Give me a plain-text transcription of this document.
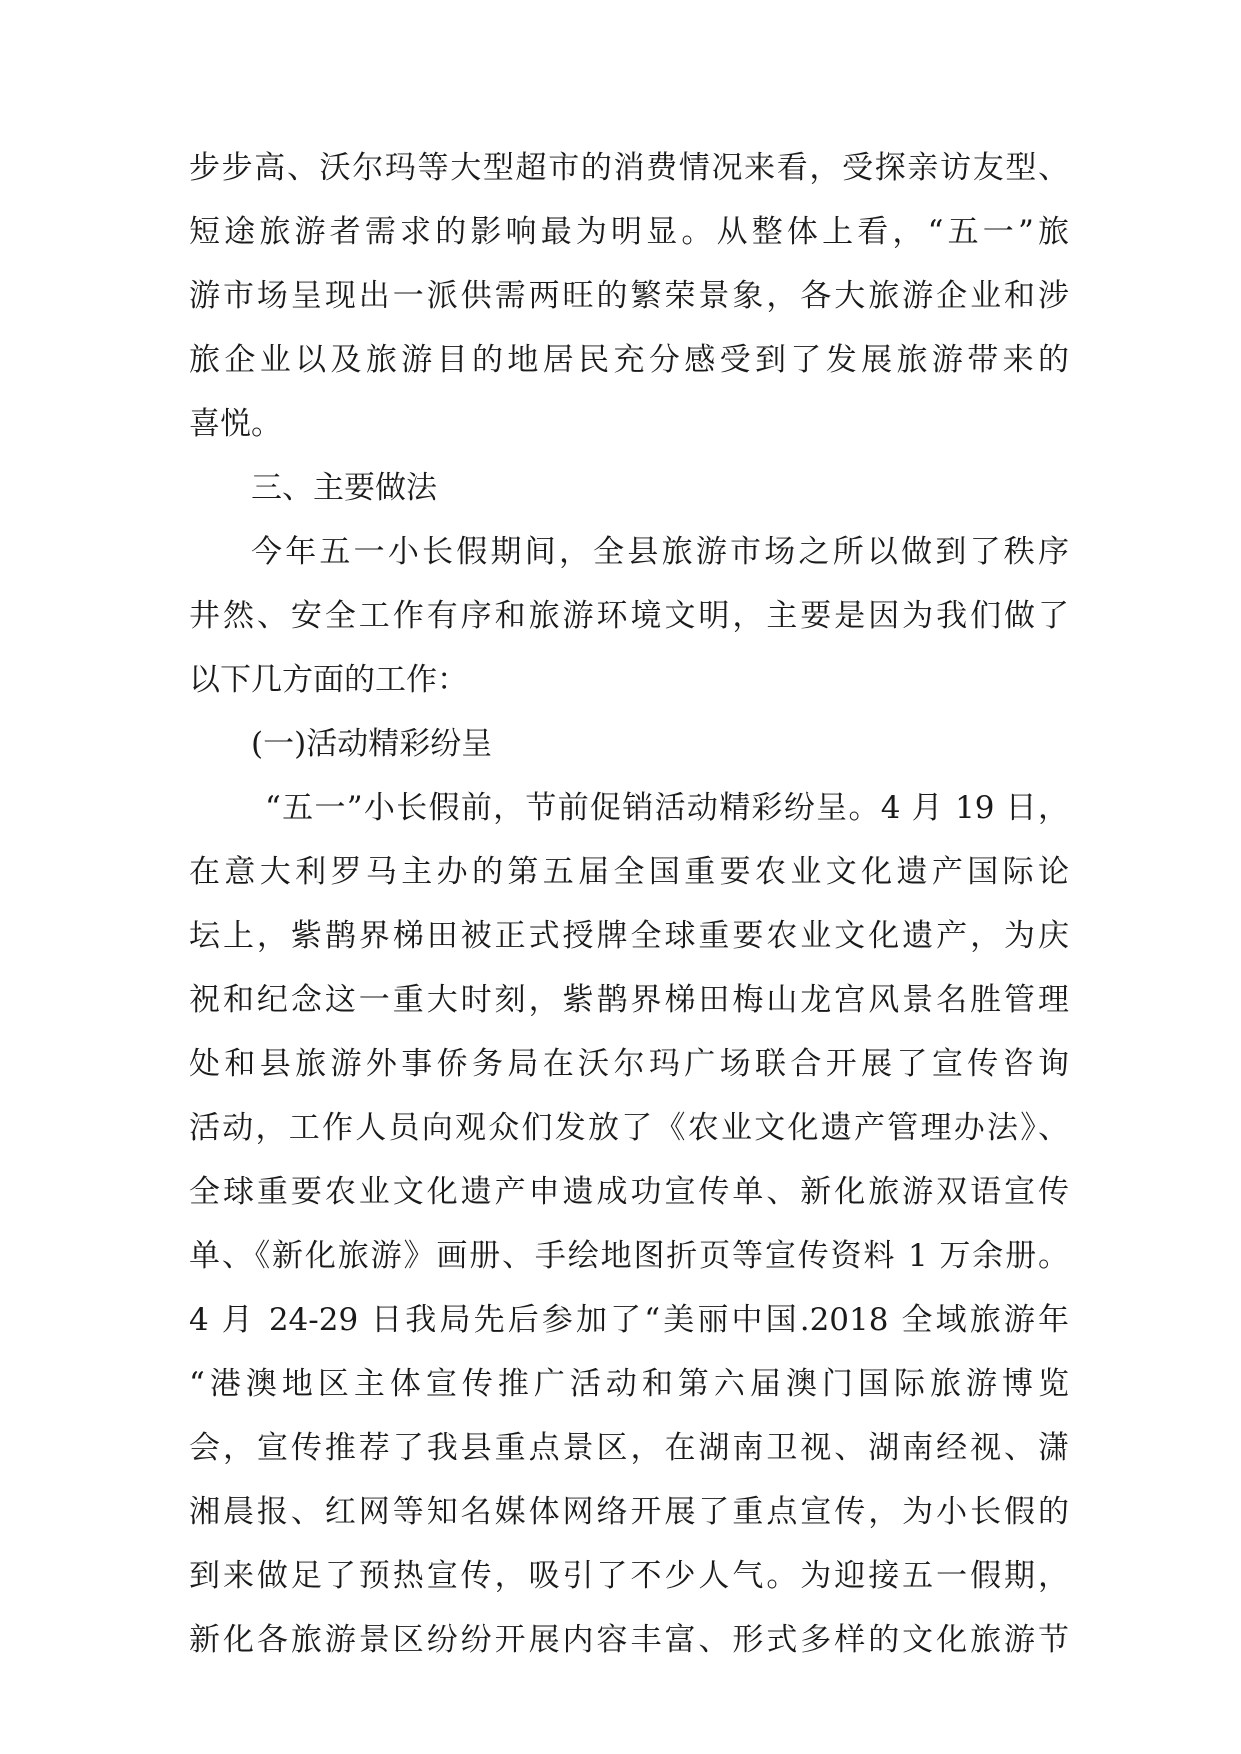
步步高、沃尔玛等大型超市的消费情况来看，受探亲访友型、
短途旅游者需求的影响最为明显。从整体上看，“五一”旅
游市场呈现出一派供需两旺的繁荣景象，各大旅游企业和涉
旅企业以及旅游目的地居民充分感受到了发展旅游带来的
喜悦。
三、主要做法
今年五一小长假期间，全县旅游市场之所以做到了秩序
井然、安全工作有序和旅游环境文明，主要是因为我们做了
以下几方面的工作：
(一)活动精彩纷呈
“五一”小长假前，节前促销活动精彩纷呈。4 月 19 日，
在意大利罗马主办的第五届全国重要农业文化遗产国际论
坛上，紫鹊界梯田被正式授牌全球重要农业文化遗产，为庆
祝和纪念这一重大时刻，紫鹊界梯田梅山龙宫风景名胜管理
处和县旅游外事侨务局在沃尔玛广场联合开展了宣传咨询
活动，工作人员向观众们发放了《农业文化遗产管理办法》、
全球重要农业文化遗产申遗成功宣传单、新化旅游双语宣传
单、《新化旅游》画册、手绘地图折页等宣传资料 1 万余册。
4 月 24-29 日我局先后参加了“美丽中国.2018 全域旅游年
“港澳地区主体宣传推广活动和第六届澳门国际旅游博览
会，宣传推荐了我县重点景区，在湖南卫视、湖南经视、潇
湘晨报、红网等知名媒体网络开展了重点宣传，为小长假的
到来做足了预热宣传，吸引了不少人气。为迎接五一假期，
新化各旅游景区纷纷开展内容丰富、形式多样的文化旅游节
